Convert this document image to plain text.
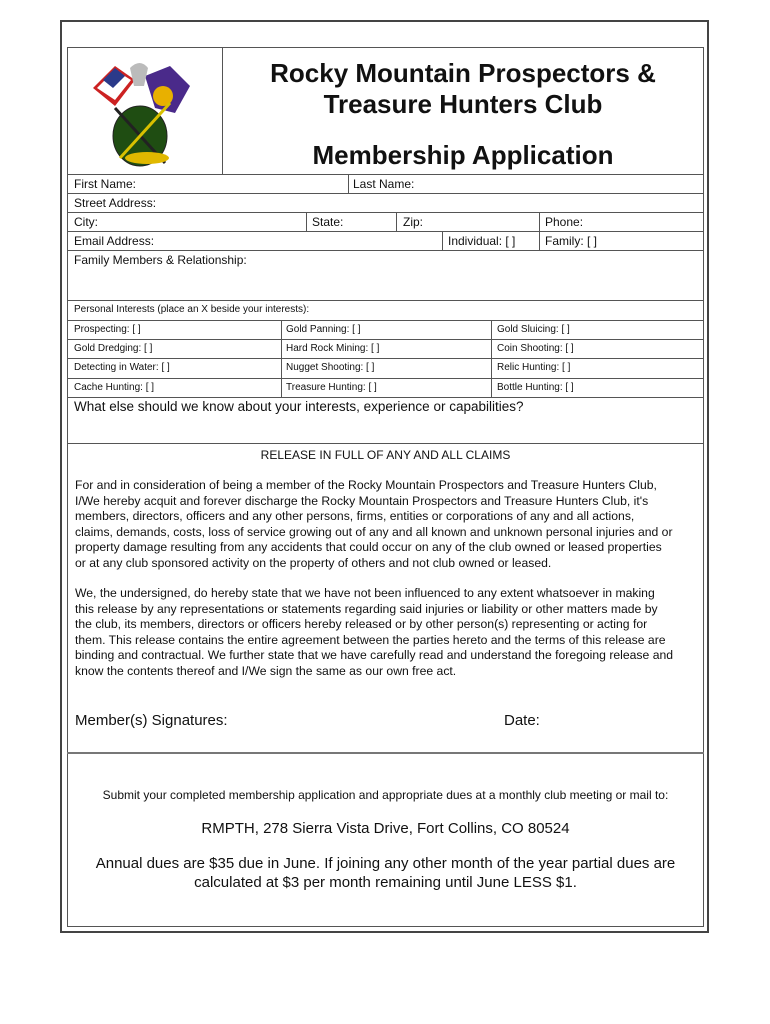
Rocky Mountain Prospectors &
Treasure Hunters Club
Membership Application
First Name:	Last Name:
Street Address:
City:	State:	Zip:	Phone:
Email Address:	Individual: [ ] Family: [ ]
Family Members & Relationship:
Personal Interests (place an X beside your interests):
Prospecting: [ ]	Gold Panning: [ ]	Gold Sluicing: [ ]
Gold Dredging: [ ]	Hard Rock Mining: [ ]	Coin Shooting: [ ]
Detecting in Water: [ ]	Nugget Shooting: [ ]	Relic Hunting: [ ]
Cache Hunting: [ ]	Treasure Hunting: [ ]	Bottle Hunting: [ ]
What else should we know about your interests, experience or capabilities?
RELEASE IN FULL OF ANY AND ALL CLAIMS
For and in consideration of being a member of the Rocky Mountain Prospectors and Treasure Hunters Club,
I/We hereby acquit and forever discharge the Rocky Mountain Prospectors and Treasure Hunters Club, it's
members, directors, officers and any other persons, firms, entities or corporations of any and all actions,
claims, demands, costs, loss of service growing out of any and all known and unknown personal injuries and or
property damage resulting from any accidents that could occur on any of the club owned or leased properties
or at any club sponsored activity on the property of others and not club owned or leased.
We, the undersigned, do hereby state that we have not been influenced to any extent whatsoever in making
this release by any representations or statements regarding said injuries or liability or other matters made by
the club, its members, directors or officers hereby released or by other person(s) representing or acting for
them. This release contains the entire agreement between the parties hereto and the terms of this release are
binding and contractual. We further state that we have carefully read and understand the foregoing release and
know the contents thereof and I/We sign the same as our own free act.
Member(s) Signatures:	Date:
Submit your completed membership application and appropriate dues at a monthly club meeting or mail to:
RMPTH, 278 Sierra Vista Drive, Fort Collins, CO 80524
Annual dues are $35 due in June. If joining any other month of the year partial dues are
calculated at $3 per month remaining until June LESS $1.
